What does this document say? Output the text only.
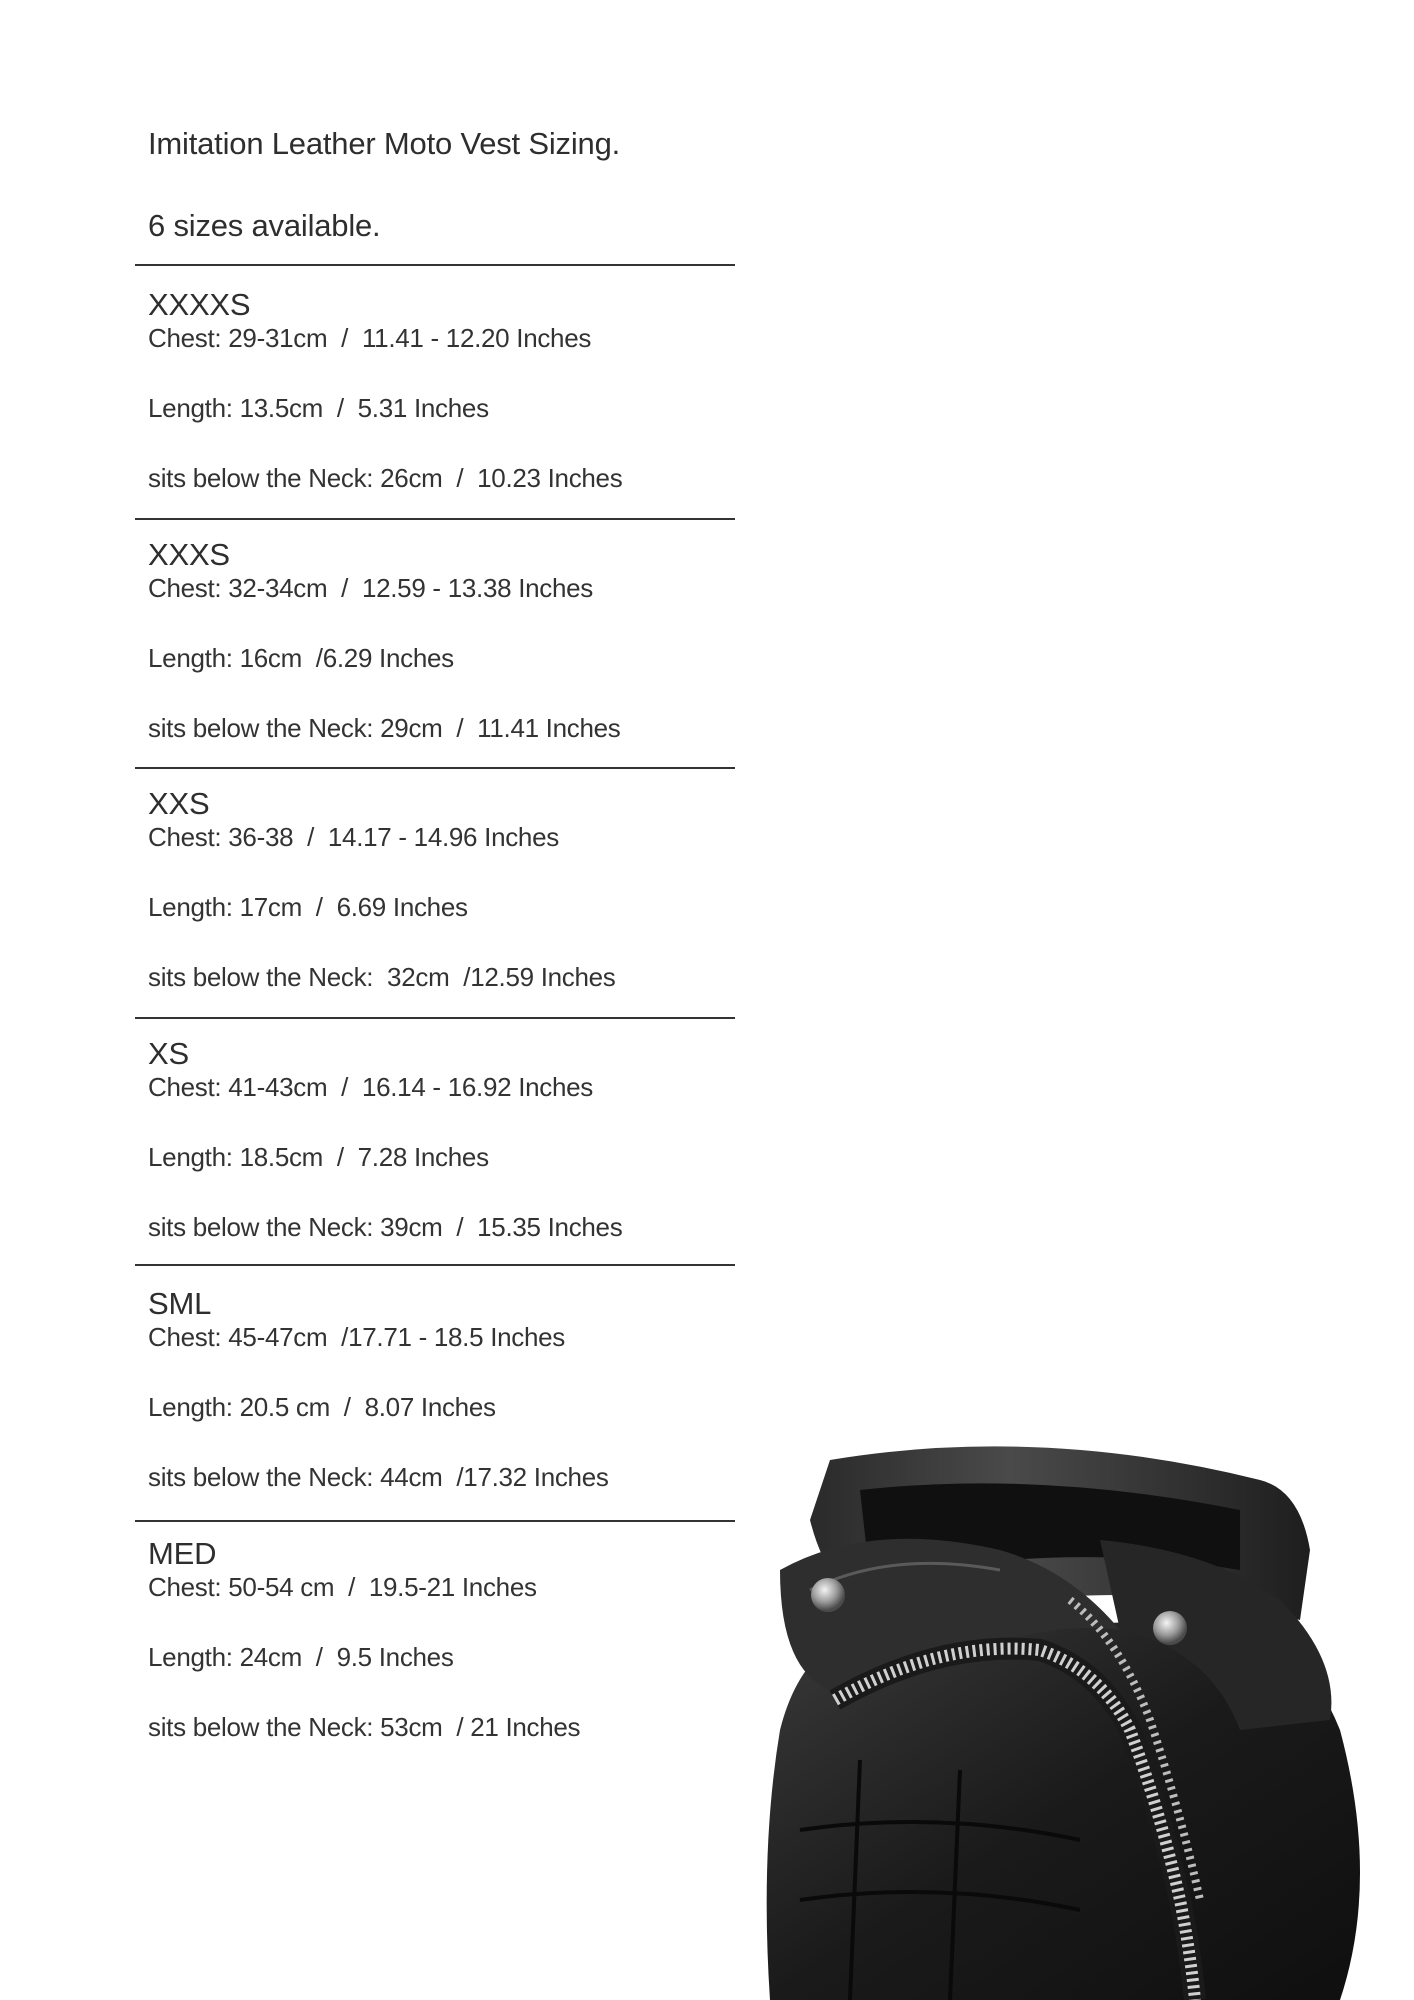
Imitation Leather Moto Vest Sizing.

6 sizes available.

XXXXS

Chest: 29-31cm  /  11.41 - 12.20 Inches

Length: 13.5cm  /  5.31 Inches

sits below the Neck: 26cm  /  10.23 Inches

XXXS

Chest: 32-34cm  /  12.59 - 13.38 Inches

Length: 16cm  /6.29 Inches

sits below the Neck: 29cm  /  11.41 Inches

XXS

Chest: 36-38  /  14.17 - 14.96 Inches

Length: 17cm  /  6.69 Inches

sits below the Neck:  32cm  /12.59 Inches

XS

Chest: 41-43cm  /  16.14 - 16.92 Inches

Length: 18.5cm  /  7.28 Inches

sits below the Neck: 39cm  /  15.35 Inches

SML

Chest: 45-47cm  /17.71 - 18.5 Inches

Length: 20.5 cm  /  8.07 Inches

sits below the Neck: 44cm  /17.32 Inches

MED

Chest: 50-54 cm  /  19.5-21 Inches

Length: 24cm  /  9.5 Inches

sits below the Neck: 53cm  / 21 Inches
